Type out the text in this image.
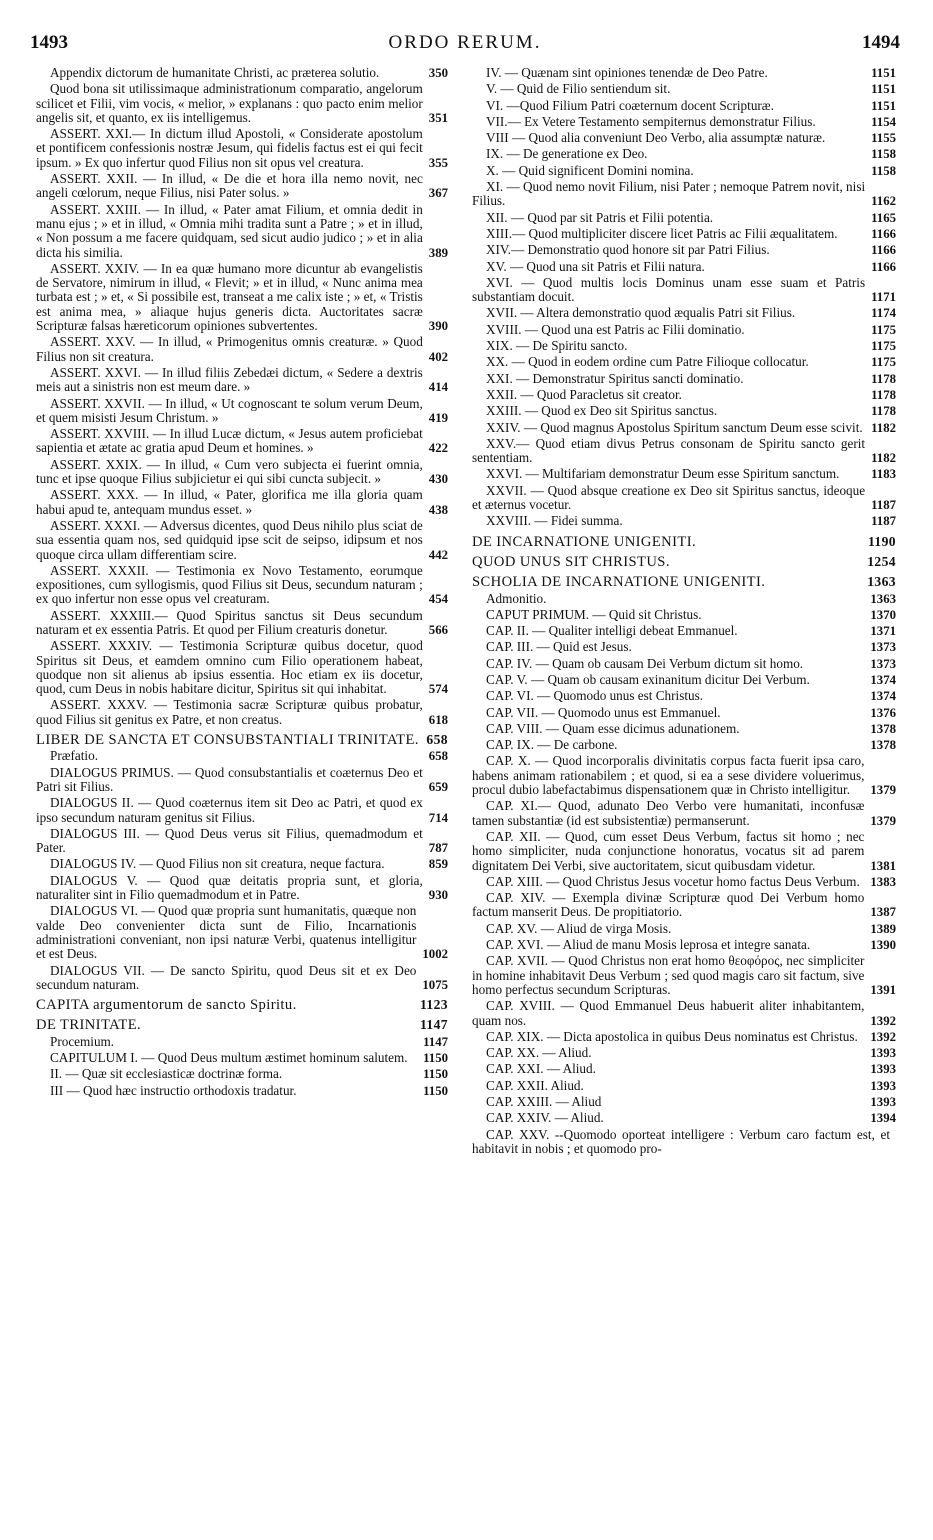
1493	ORDO RERUM.	1494
Appendix dictorum de humanitate Christi, ac præterea solutio.	350
Quod bona sit utilissimaque administrationum comparatio, angelorum scilicet et Filii, vim vocis, « melior, » explanans : quo pacto enim melior angelis sit, et quanto, ex iis intelligemus.	351
ASSERT. XXI.— In dictum illud Apostoli, « Considerate apostolum et pontificem confessionis nostræ Jesum, qui fidelis factus est ei qui fecit ipsum. » Ex quo infertur quod Filius non sit opus vel creatura.	355
ASSERT. XXII. — In illud, « De die et hora illa nemo novit, nec angeli cœlorum, neque Filius, nisi Pater solus. »	367
ASSERT. XXIII. — In illud, « Pater amat Filium, et omnia dedit in manu ejus ; » et in illud, « Omnia mihi tradita sunt a Patre ; » et in illud, « Non possum a me facere quidquam, sed sicut audio judico ; » et in alia dicta his similia.	389
ASSERT. XXIV. — In ea quæ humano more dicuntur ab evangelistis de Servatore, nimirum in illud, « Flevit; » et in illud, « Nunc anima mea turbata est ; » et, « Si possibile est, transeat a me calix iste ; » et, « Tristis est anima mea, » aliaque hujus generis dicta. Auctoritates sacræ Scripturæ falsas hæreticorum opiniones subvertentes.	390
ASSERT. XXV. — In illud, « Primogenitus omnis creaturæ. » Quod Filius non sit creatura.	402
ASSERT. XXVI. — In illud filiis Zebedæi dictum, « Sedere a dextris meis aut a sinistris non est meum dare. »	414
ASSERT. XXVII. — In illud, « Ut cognoscant te solum verum Deum, et quem misisti Jesum Christum. »	419
ASSERT. XXVIII. — In illud Lucæ dictum, « Jesus autem proficiebat sapientia et ætate ac gratia apud Deum et homines. »	422
ASSERT. XXIX. — In illud, « Cum vero subjecta ei fuerint omnia, tunc et ipse quoque Filius subjicietur ei qui sibi cuncta subjecit. »	430
ASSERT. XXX. — In illud, « Pater, glorifica me illa gloria quam habui apud te, antequam mundus esset. »	438
ASSERT. XXXI. — Adversus dicentes, quod Deus nihilo plus sciat de sua essentia quam nos, sed quidquid ipse scit de seipso, idipsum et nos quoque circa ullam differentiam scire.	442
ASSERT. XXXII. — Testimonia ex Novo Testamento, eorumque expositiones, cum syllogismis, quod Filius sit Deus, secundum naturam ; ex quo infertur non esse opus vel creaturam.	454
ASSERT. XXXIII.— Quod Spiritus sanctus sit Deus secundum naturam et ex essentia Patris. Et quod per Filium creaturis donetur.	566
ASSERT. XXXIV. — Testimonia Scripturæ quibus docetur, quod Spiritus sit Deus, et eamdem omnino cum Filio operationem habeat, quodque non sit alienus ab ipsius essentia. Hoc etiam ex iis docetur, quod, cum Deus in nobis habitare dicitur, Spiritus sit qui inhabitat.	574
ASSERT. XXXV. — Testimonia sacræ Scripturæ quibus probatur, quod Filius sit genitus ex Patre, et non creatus.	618
LIBER DE SANCTA ET CONSUBSTANTIALI TRINITATE. 658
Præfatio.	658
DIALOGUS PRIMUS. — Quod consubstantialis et coæternus Deo et Patri sit Filius.	659
DIALOGUS II. — Quod coæternus item sit Deo ac Patri, et quod ex ipso secundum naturam genitus sit Filius.	714
DIALOGUS III. — Quod Deus verus sit Filius, quemadmodum et Pater.	787
DIALOGUS IV. — Quod Filius non sit creatura, neque factura.	859
DIALOGUS V. — Quod quæ deitatis propria sunt, et gloria, naturaliter sint in Filio quemadmodum et in Patre.	930
DIALOGUS VI. — Quod quæ propria sunt humanitatis, quæque non valde Deo convenienter dicta sunt de Filio, Incarnationis administrationi conveniant, non ipsi naturæ Verbi, quatenus intelligitur et est Deus.	1002
DIALOGUS VII. — De sancto Spiritu, quod Deus sit et ex Deo secundum naturam.	1075
CAPITA argumentorum de sancto Spiritu.	1123
DE TRINITATE.	1147
Procemium.	1147
CAPITULUM I. — Quod Deus multum æstimet hominum salutem.	1150
II. — Quæ sit ecclesiasticæ doctrinæ forma.	1150
III — Quod hæc instructio orthodoxis tradatur.	1150
IV. — Quænam sint opiniones tenendæ de Deo Patre.	1151
V. — Quid de Filio sentiendum sit.	1151
VI. —Quod Filium Patri coæternum docent Scripturæ.	1151
VII.— Ex Vetere Testamento sempiternus demonstratur Filius.	1154
VIII — Quod alia conveniunt Deo Verbo, alia assumptæ naturæ.	1155
IX. — De generatione ex Deo.	1158
X. — Quid significent Domini nomina.	1158
XI. — Quod nemo novit Filium, nisi Pater ; nemoque Patrem novit, nisi Filius.	1162
XII. — Quod par sit Patris et Filii potentia.	1165
XIII.— Quod multipliciter discere licet Patris ac Filii æqualitatem.	1166
XIV.— Demonstratio quod honore sit par Patri Filius.	1166
XV. — Quod una sit Patris et Filii natura.	1166
XVI. — Quod multis locis Dominus unam esse suam et Patris substantiam docuit.	1171
XVII. — Altera demonstratio quod æqualis Patri sit Filius.	1174
XVIII. — Quod una est Patris ac Filii dominatio.	1175
XIX. — De Spiritu sancto.	1175
XX. — Quod in eodem ordine cum Patre Filioque collocatur.	1175
XXI. — Demonstratur Spiritus sancti dominatio.	1178
XXII. — Quod Paracletus sit creator.	1178
XXIII. — Quod ex Deo sit Spiritus sanctus.	1178
XXIV. — Quod magnus Apostolus Spiritum sanctum Deum esse scivit. 1182
XXV.— Quod etiam divus Petrus consonam de Spiritu sancto gerit sententiam.	1182
XXVI. — Multifariam demonstratur Deum esse Spiritum sanctum.	1183
XXVII. — Quod absque creatione ex Deo sit Spiritus sanctus, ideoque et æternus vocetur.	1187
XXVIII. — Fidei summa.	1187
DE INCARNATIONE UNIGENITI.	1190
QUOD UNUS SIT CHRISTUS.	1254
SCHOLIA DE INCARNATIONE UNIGENITI.	1363
Admonitio.	1363
CAPUT PRIMUM. — Quid sit Christus.	1370
CAP. II. — Qualiter intelligi debeat Emmanuel.	1371
CAP. III. — Quid est Jesus.	1373
CAP. IV. — Quam ob causam Dei Verbum dictum sit homo.	1373
CAP. V. — Quam ob causam exinanitum dicitur Dei Verbum.	1374
CAP. VI. — Quomodo unus est Christus.	1374
CAP. VII. — Quomodo unus est Emmanuel.	1376
CAP. VIII. — Quam esse dicimus adunationem.	1378
CAP. IX. — De carbone.	1378
CAP. X. — Quod incorporalis divinitatis corpus facta fuerit ipsa caro, habens animam rationabilem ; et quod, si ea a sese dividere voluerimus, procul dubio labefactabimus dispensationem quæ in Christo intelligitur.	1379
CAP. XI.— Quod, adunato Deo Verbo vere humanitati, inconfusæ tamen substantiæ (id est subsistentiæ) permanserunt.	1379
CAP. XII. — Quod, cum esset Deus Verbum, factus sit homo ; nec homo simpliciter, nuda conjunctione honoratus, vocatus sit ad parem dignitatem Dei Verbi, sive auctoritatem, sicut quibusdam videtur.	1381
CAP. XIII. — Quod Christus Jesus vocetur homo factus Deus Verbum. 1383
CAP. XIV. — Exempla divinæ Scripturæ quod Dei Verbum homo factum manserit Deus. De propitiatorio.	1387
CAP. XV. — Aliud de virga Mosis.	1389
CAP. XVI. — Aliud de manu Mosis leprosa et integre sanata.	1390
CAP. XVII. — Quod Christus non erat homo θεοφόρος, nec simpliciter in homine inhabitavit Deus Verbum ; sed quod magis caro sit factum, sive homo perfectus secundum Scripturas.	1391
CAP. XVIII. — Quod Emmanuel Deus habuerit aliter inhabitantem, quam nos.	1392
CAP. XIX. — Dicta apostolica in quibus Deus nominatus est Christus. 1392
CAP. XX. — Aliud.	1393
CAP. XXI. — Aliud.	1393
CAP. XXII. Aliud.	1393
CAP. XXIII. — Aliud	1393
CAP. XXIV. — Aliud.	1394
CAP. XXV. --Quomodo oporteat intelligere : Verbum caro factum est, et habitavit in nobis ; et quomodo pro-
